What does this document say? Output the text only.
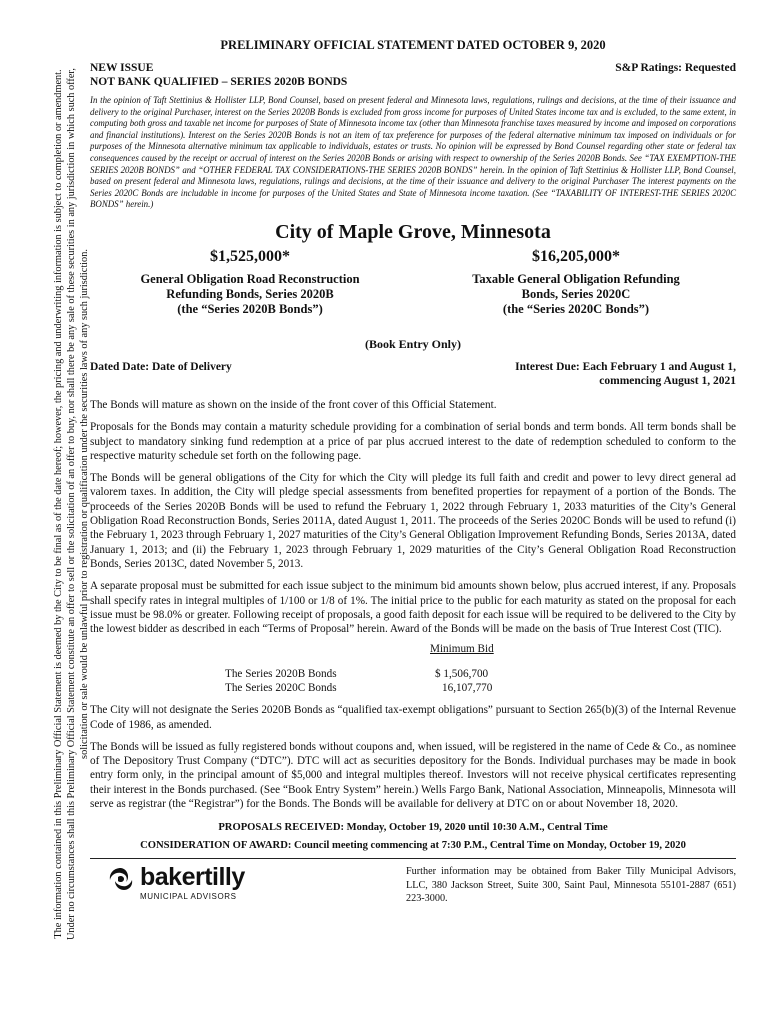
The information contained in this Preliminary Official Statement is deemed by the City to be final as of the date hereof; however, the pricing and underwriting information is subject to completion or amendment. Under no circumstances shall this Preliminary Official Statement constitute an offer to sell or the solicitation of an offer to buy, nor shall there be any sale of these securities in any jurisdiction in which such offer, solicitation or sale would be unlawful prior to registration or qualification under the securities laws of any such jurisdiction.
PRELIMINARY OFFICIAL STATEMENT DATED OCTOBER 9, 2020
NEW ISSUE
NOT BANK QUALIFIED – SERIES 2020B BONDS
S&P Ratings: Requested
In the opinion of Taft Stettinius & Hollister LLP, Bond Counsel, based on present federal and Minnesota laws, regulations, rulings and decisions, at the time of their issuance and delivery to the original Purchaser, interest on the Series 2020B Bonds is excluded from gross income for purposes of United States income tax and is excluded, to the same extent, in computing both gross and taxable net income for purposes of State of Minnesota income tax (other than Minnesota franchise taxes measured by income and imposed on corporations and financial institutions). Interest on the Series 2020B Bonds is not an item of tax preference for purposes of the federal alternative minimum tax imposed on individuals or for purposes of the Minnesota alternative minimum tax applicable to individuals, estates or trusts. No opinion will be expressed by Bond Counsel regarding other state or federal tax consequences caused by the receipt or accrual of interest on the Series 2020B Bonds or arising with respect to ownership of the Series 2020B Bonds. See “TAX EXEMPTION-THE SERIES 2020B BONDS” and “OTHER FEDERAL TAX CONSIDERATIONS-THE SERIES 2020B BONDS” herein. In the opinion of Taft Stettinius & Hollister LLP, Bond Counsel, based on present federal and Minnesota laws, regulations, rulings and decisions, at the time of their issuance and delivery to the original Purchaser The interest payments on the Series 2020C Bonds are includable in income for purposes of the United States and State of Minnesota income taxation. (See “TAXABILITY OF INTEREST-THE SERIES 2020C BONDS” herein.)
City of Maple Grove, Minnesota
$1,525,000*
General Obligation Road Reconstruction
Refunding Bonds, Series 2020B
(the “Series 2020B Bonds”)
$16,205,000*
Taxable General Obligation Refunding
Bonds, Series 2020C
(the “Series 2020C Bonds”)
(Book Entry Only)
Dated Date: Date of Delivery	Interest Due: Each February 1 and August 1,
commencing August 1, 2021
The Bonds will mature as shown on the inside of the front cover of this Official Statement.
Proposals for the Bonds may contain a maturity schedule providing for a combination of serial bonds and term bonds. All term bonds shall be subject to mandatory sinking fund redemption at a price of par plus accrued interest to the date of redemption scheduled to conform to the respective maturity schedule set forth on the following page.
The Bonds will be general obligations of the City for which the City will pledge its full faith and credit and power to levy direct general ad valorem taxes. In addition, the City will pledge special assessments from benefited properties for repayment of a portion of the Bonds. The proceeds of the Series 2020B Bonds will be used to refund the February 1, 2022 through February 1, 2033 maturities of the City’s General Obligation Road Reconstruction Bonds, Series 2011A, dated August 1, 2011. The proceeds of the Series 2020C Bonds will be used to refund (i) the February 1, 2023 through February 1, 2027 maturities of the City’s General Obligation Improvement Refunding Bonds, Series 2013A, dated January 1, 2013; and (ii) the February 1, 2023 through February 1, 2029 maturities of the City’s General Obligation Road Reconstruction Bonds, Series 2013C, dated November 5, 2013.
A separate proposal must be submitted for each issue subject to the minimum bid amounts shown below, plus accrued interest, if any. Proposals shall specify rates in integral multiples of 1/100 or 1/8 of 1%. The initial price to the public for each maturity as stated on the proposal for each issue must be 98.0% or greater. Following receipt of proposals, a good faith deposit for each issue will be required to be delivered to the City by the lowest bidder as described in each “Terms of Proposal” herein. Award of the Bonds will be made on the basis of True Interest Cost (TIC).
	Minimum Bid

The Series 2020B Bonds	$ 1,506,700
The Series 2020C Bonds	16,107,770
The City will not designate the Series 2020B Bonds as “qualified tax-exempt obligations” pursuant to Section 265(b)(3) of the Internal Revenue Code of 1986, as amended.
The Bonds will be issued as fully registered bonds without coupons and, when issued, will be registered in the name of Cede & Co., as nominee of The Depository Trust Company (“DTC”). DTC will act as securities depository for the Bonds. Individual purchases may be made in book entry form only, in the principal amount of $5,000 and integral multiples thereof. Investors will not receive physical certificates representing their interest in the Bonds purchased. (See “Book Entry System” herein.) Wells Fargo Bank, National Association, Minneapolis, Minnesota will serve as registrar (the “Registrar”) for the Bonds. The Bonds will be available for delivery at DTC on or about November 18, 2020.
PROPOSALS RECEIVED: Monday, October 19, 2020 until 10:30 A.M., Central Time
CONSIDERATION OF AWARD: Council meeting commencing at 7:30 P.M., Central Time on Monday, October 19, 2020
bakertilly
MUNICIPAL ADVISORS
Further information may be obtained from Baker Tilly Municipal Advisors, LLC, 380 Jackson Street, Suite 300, Saint Paul, Minnesota 55101-2887 (651) 223-3000.
